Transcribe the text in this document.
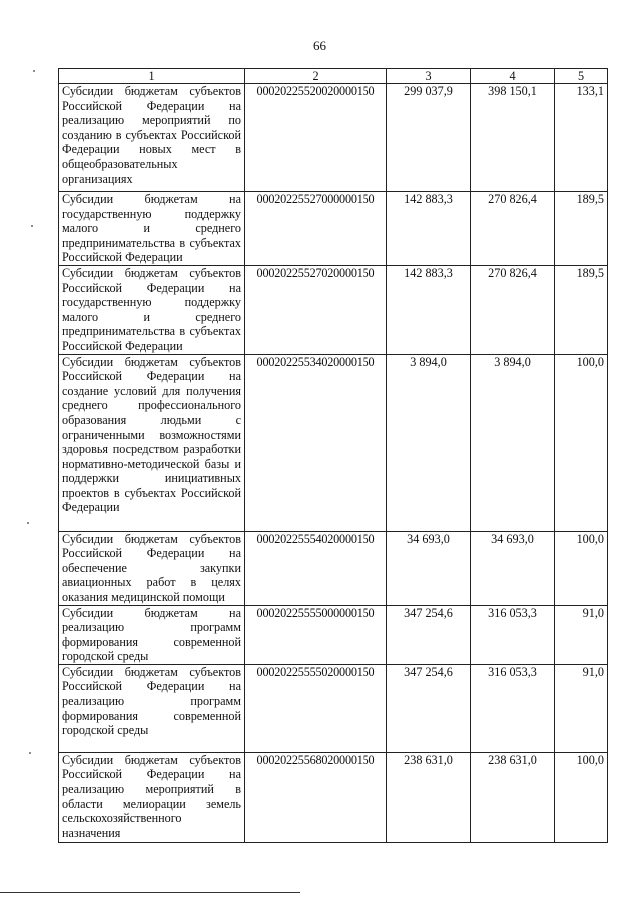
66
1	2	3	4	5
Субсидии бюджетам субъектов Российской Федерации на реализацию мероприятий по созданию в субъектах Российской Федерации новых мест в общеобразовательных организациях	00020225520020000150	299 037,9	398 150,1	133,1
Субсидии бюджетам на государственную поддержку малого и среднего предпринимательства в субъектах Российской Федерации	00020225527000000150	142 883,3	270 826,4	189,5
Субсидии бюджетам субъектов Российской Федерации на государственную поддержку малого и среднего предпринимательства в субъектах Российской Федерации	00020225527020000150	142 883,3	270 826,4	189,5
Субсидии бюджетам субъектов Российской Федерации на создание условий для получения среднего профессионального образования людьми с ограниченными возможностями здоровья посредством разработки нормативно-методической базы и поддержки инициативных проектов в субъектах Российской Федерации	00020225534020000150	3 894,0	3 894,0	100,0
Субсидии бюджетам субъектов Российской Федерации на обеспечение закупки авиационных работ в целях оказания медицинской помощи	00020225554020000150	34 693,0	34 693,0	100,0
Субсидии бюджетам на реализацию программ формирования современной городской среды	00020225555000000150	347 254,6	316 053,3	91,0
Субсидии бюджетам субъектов Российской Федерации на реализацию программ формирования современной городской среды	00020225555020000150	347 254,6	316 053,3	91,0
Субсидии бюджетам субъектов Российской Федерации на реализацию мероприятий в области мелиорации земель сельскохозяйственного назначения	00020225568020000150	238 631,0	238 631,0	100,0
